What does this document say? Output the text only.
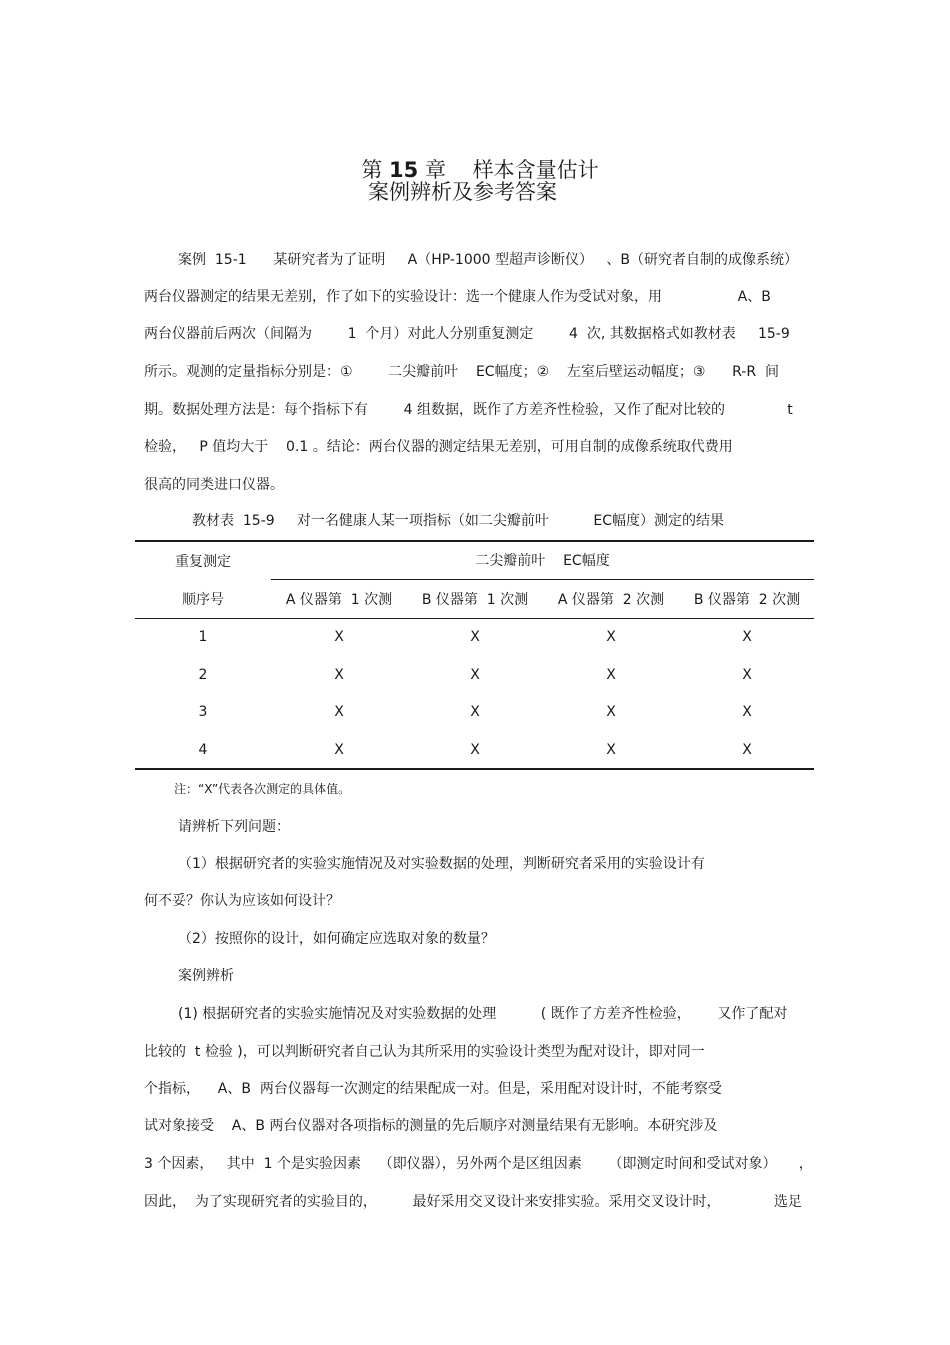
第 15 章 样本含量估计

案例辨析及参考答案
案例  15-1      某研究者为了证明     A（HP-1000 型超声诊断仪）   、B（研究者自制的成像系统）
两台仪器测定的结果无差别，作了如下的实验设计：选一个健康人作为受试对象，用                 A、B
两台仪器前后两次（间隔为        1  个月）对此人分别重复测定        4  次, 其数据格式如教材表     15-9
所示。观测的定量指标分别是：①        二尖瓣前叶    EC幅度；②    左室后壁运动幅度；③      R-R  间
期。数据处理方法是：每个指标下有        4 组数据，既作了方差齐性检验，又作了配对比较的              t
检验，   P 值均大于    0.1 。结论：两台仪器的测定结果无差别，可用自制的成像系统取代费用
很高的同类进口仪器。
教材表  15-9     对一名健康人某一项指标（如二尖瓣前叶          EC幅度）测定的结果
重复测定
顺序号
二尖瓣前叶    EC幅度
A 仪器第  1 次测	B 仪器第  1 次测	A 仪器第  2 次测	B 仪器第  2 次测
1	X	X	X	X
2	X	X	X	X
3	X	X	X	X
4	X	X	X	X
注：“X”代表各次测定的具体值。
请辨析下列问题：
（1）根据研究者的实验实施情况及对实验数据的处理，判断研究者采用的实验设计有
何不妥？你认为应该如何设计？
（2）按照你的设计，如何确定应选取对象的数量？
案例辨析
(1) 根据研究者的实验实施情况及对实验数据的处理          ( 既作了方差齐性检验，      又作了配对
比较的  t 检验 )，可以判断研究者自己认为其所采用的实验设计类型为配对设计，即对同一
个指标，    A、B  两台仪器每一次测定的结果配成一对。但是，采用配对设计时，不能考察受
试对象接受    A、B 两台仪器对各项指标的测量的先后顺序对测量结果有无影响。本研究涉及
3 个因素，   其中  1 个是实验因素    （即仪器），另外两个是区组因素      （即测定时间和受试对象）     ，
因此，  为了实现研究者的实验目的，        最好采用交叉设计来安排实验。采用交叉设计时，            选足
